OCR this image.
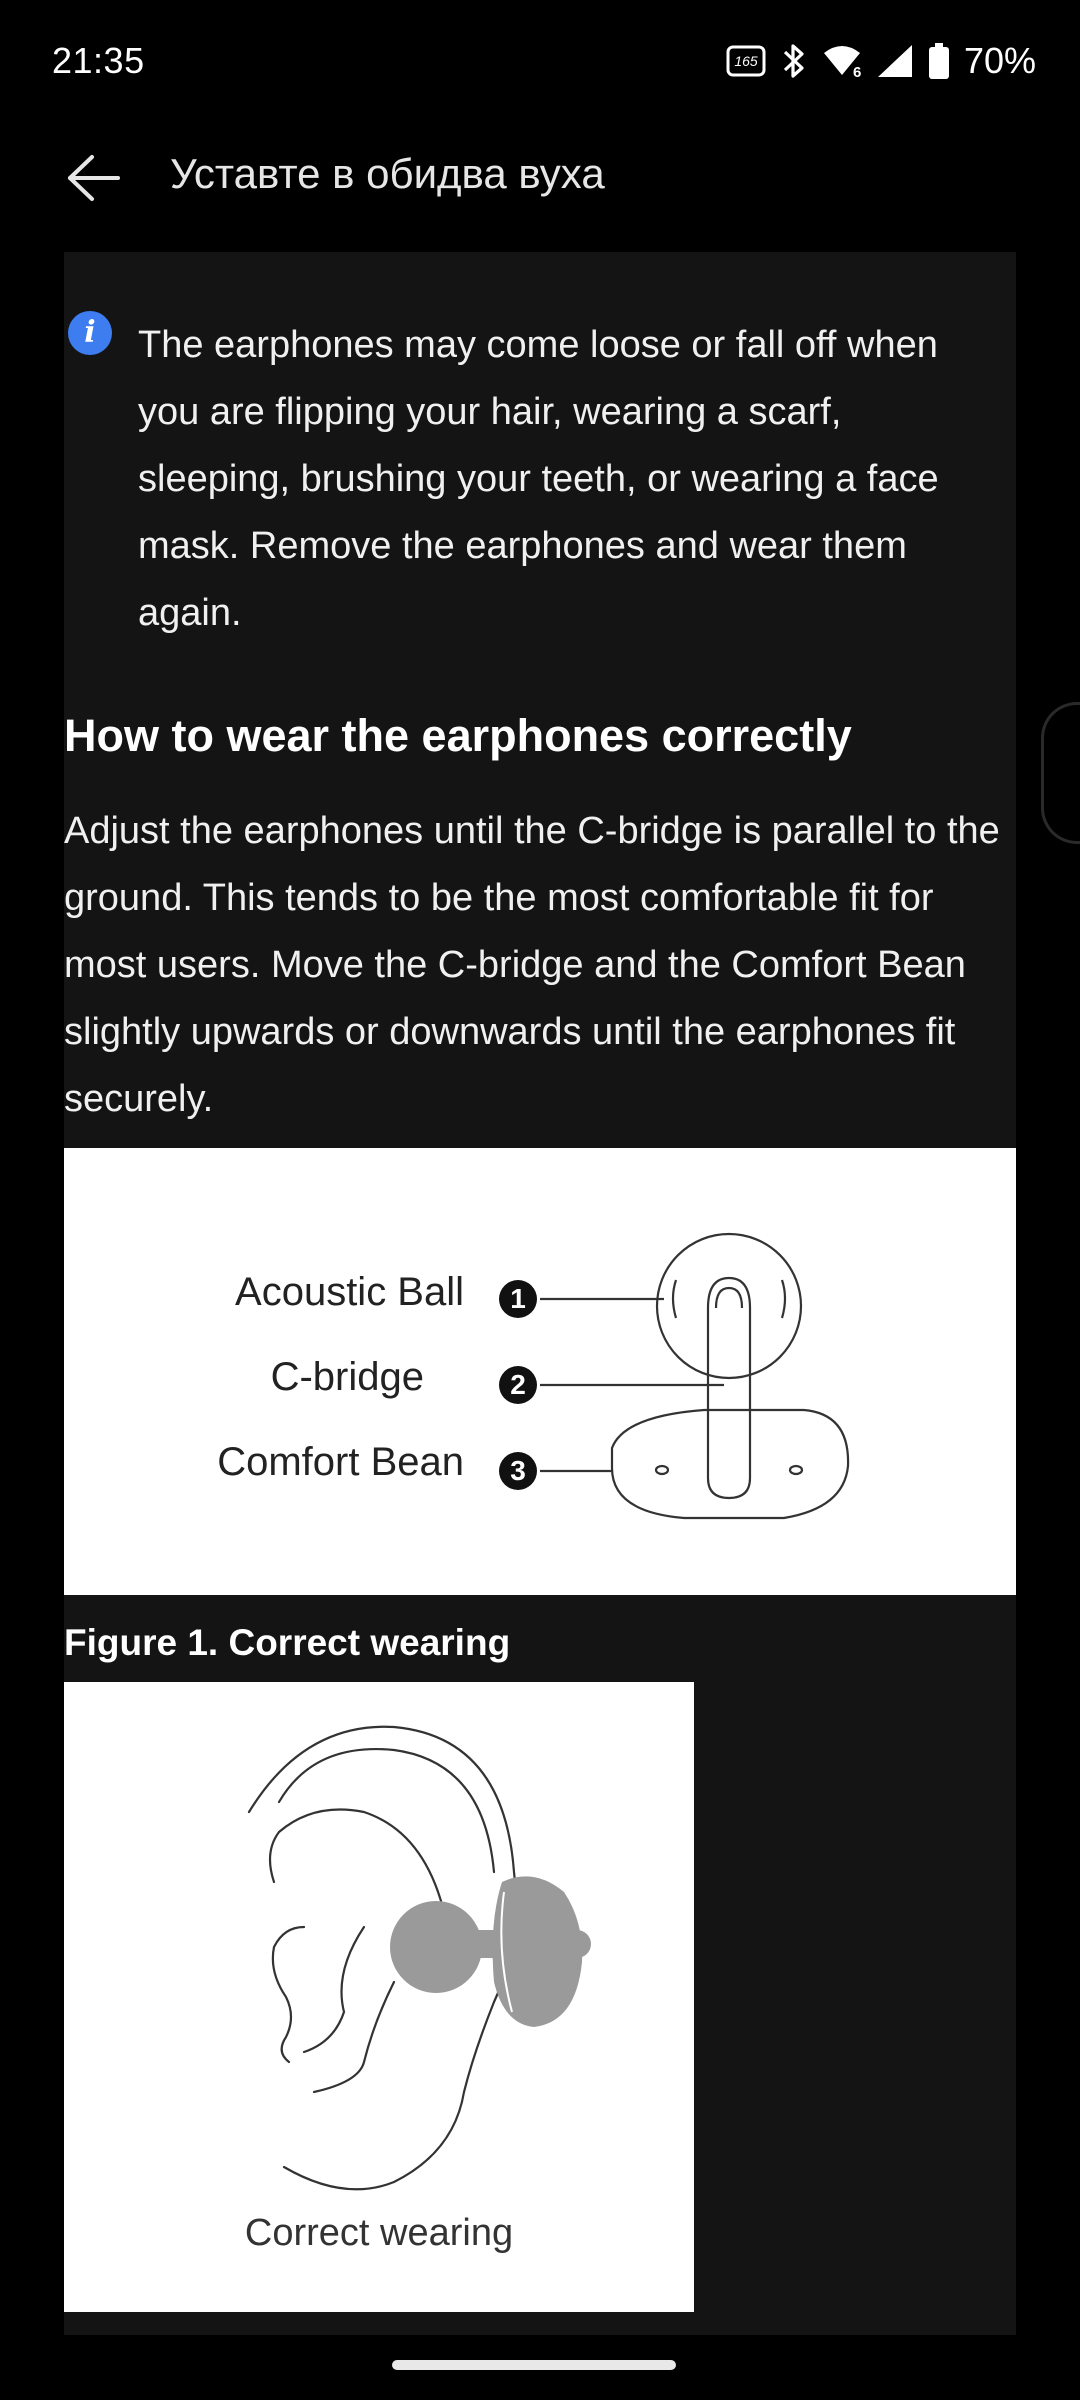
21:35	165
6	70%
Уставте в обидва вуха
i	The earphones may come loose or fall off when you are flipping your hair, wearing a scarf, sleeping, brushing your teeth, or wearing a face mask. Remove the earphones and wear them again.
How to wear the earphones correctly
Adjust the earphones until the C-bridge is parallel to the ground. This tends to be the most comfortable fit for most users. Move the C-bridge and the Comfort Bean slightly upwards or downwards until the earphones fit securely.
Acoustic Ball
C-bridge
Comfort Bean
1
2
3
Figure 1. Correct wearing
Correct wearing
